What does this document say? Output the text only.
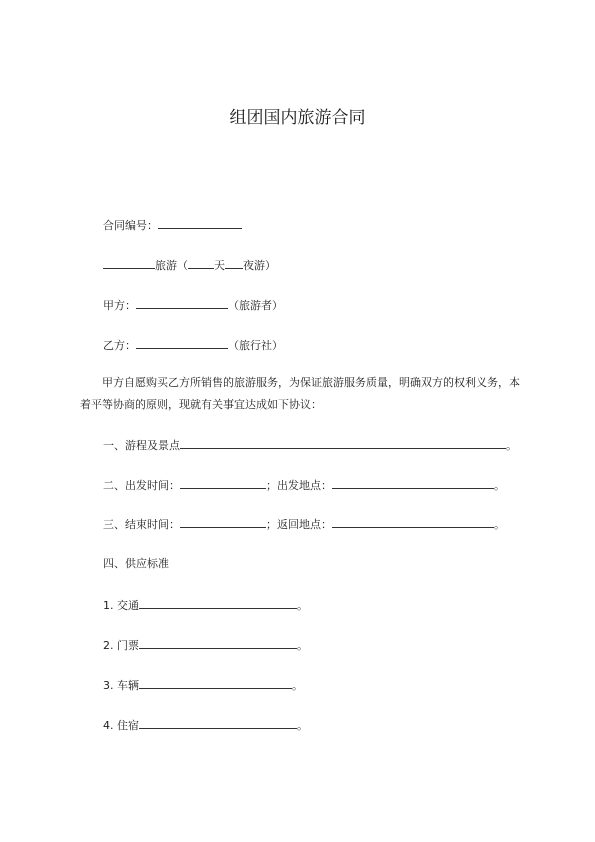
组团国内旅游合同
合同编号：
旅游（ 天 夜游）
甲方：	（旅游者）
乙方：	（旅行社）
甲方自愿购买乙方所销售的旅游服务，为保证旅游服务质量，明确双方的权利义务，本着平等协商的原则，现就有关事宜达成如下协议：
一、游程及景点	。
二、出发时间：	；出发地点：	。
三、结束时间：	；返回地点：	。
四、供应标准
1. 交通	。
2. 门票	。
3. 车辆	。
4. 住宿	。
